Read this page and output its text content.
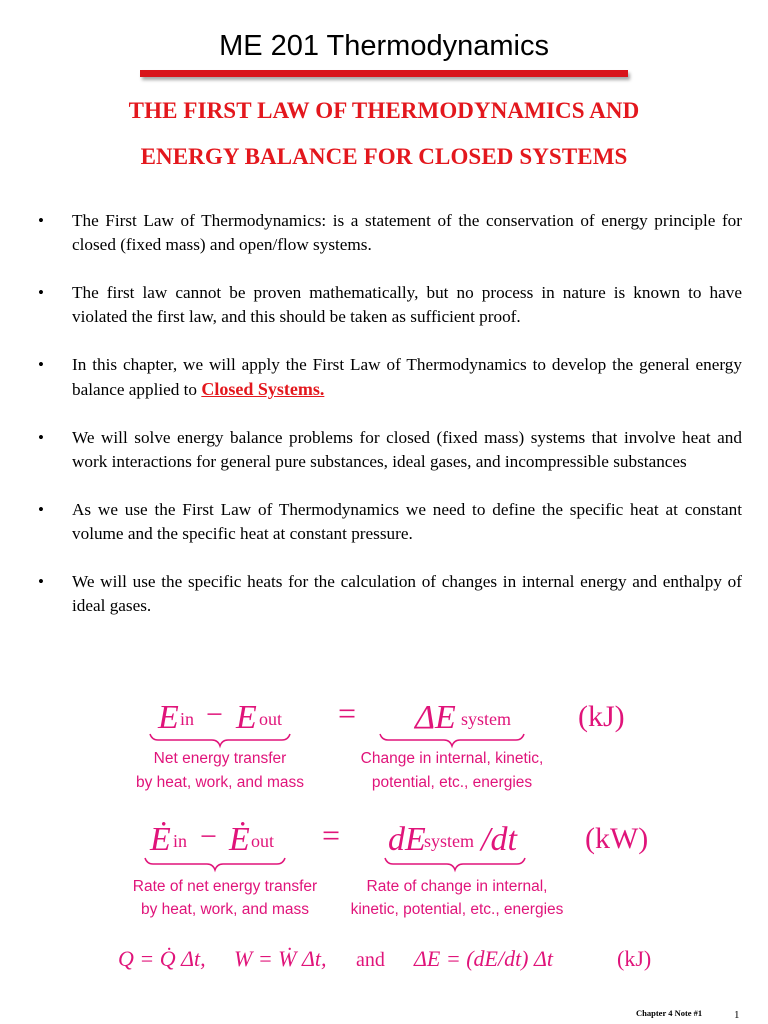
ME 201 Thermodynamics
THE FIRST LAW OF THERMODYNAMICS AND
ENERGY BALANCE FOR CLOSED SYSTEMS
• The First Law of Thermodynamics: is a statement of the conservation of energy principle for closed (fixed mass) and open/flow systems.
• The first law cannot be proven mathematically, but no process in nature is known to have violated the first law, and this should be taken as sufficient proof.
• In this chapter, we will apply the First Law of Thermodynamics to develop the general energy balance applied to Closed Systems.
• We will solve energy balance problems for closed (fixed mass) systems that involve heat and work interactions for general pure substances, ideal gases, and incompressible substances
• As we use the First Law of Thermodynamics we need to define the specific heat at constant volume and the specific heat at constant pressure.
• We will use the specific heats for the calculation of changes in internal energy and enthalpy of ideal gases.
E in − E out = ΔE system (kJ)
Net energy transfer
by heat, work, and mass
Change in internal, kinetic,
potential, etc., energies
Ė in − Ė out = dE
system /dt (kW)
Rate of net energy transfer
by heat, work, and mass
Rate of change in internal,
kinetic, potential, etc., energies
Q = Q̇ Δt, W = Ẇ Δt, and ΔE = (dE/dt) Δt	(kJ)
Chapter 4 Note #1	1
